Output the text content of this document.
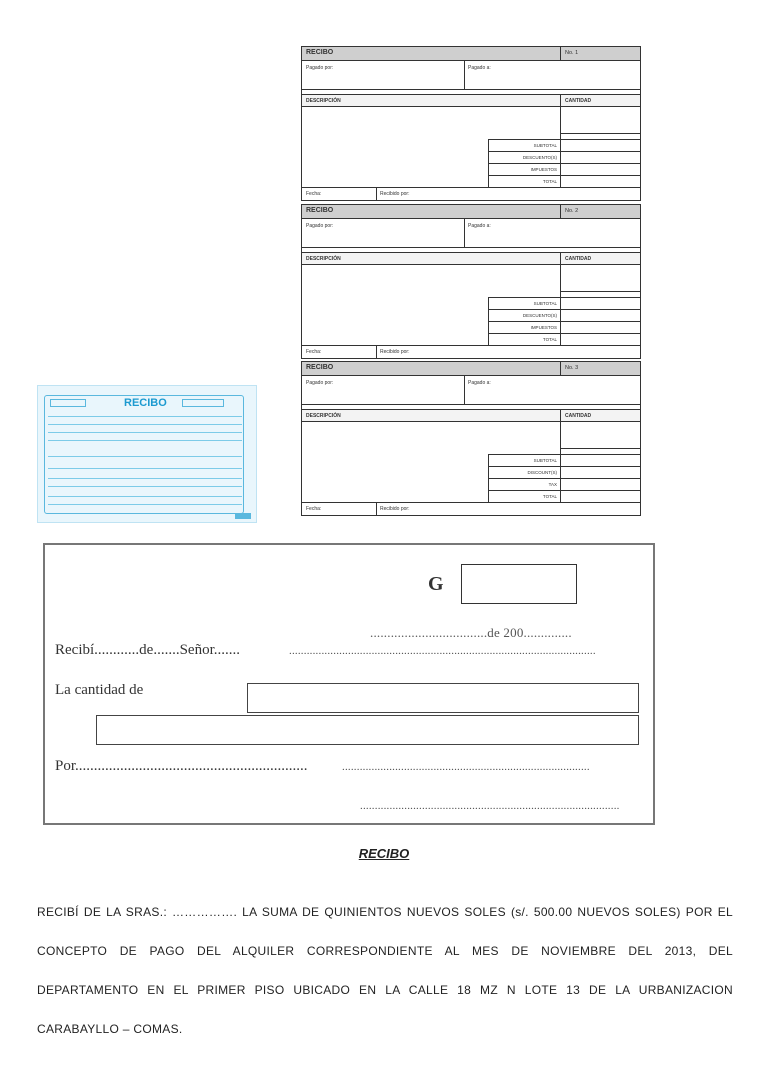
RECIBO	No. 1
Pagado por:	Pagado a:
DESCRIPCIÓN	CANTIDAD
SUBTOTAL
DESCUENTO(S)
IMPUESTOS
TOTAL
Fecha:	Recibido por:
RECIBO	No. 2
Pagado por:	Pagado a:
DESCRIPCIÓN	CANTIDAD
SUBTOTAL
DESCUENTO(S)
IMPUESTOS
TOTAL
Fecha:	Recibido por:
RECIBO	No. 3
Pagado por:	Pagado a:
DESCRIPCIÓN	CANTIDAD
SUBTOTAL
DISCOUNT(S)
TAX
TOTAL
Fecha:	Recibido por:
RECIBO
G
..................................de 200..............
Recibí............de.......Señor.......	........................................................................................................
La cantidad de
Por..............................................................	....................................................................................
........................................................................................
RECIBO
RECIBÍ DE LA SRAS.: ……………. LA SUMA DE QUINIENTOS NUEVOS SOLES (s/. 500.00 NUEVOS SOLES) POR EL
CONCEPTO DE PAGO DEL ALQUILER CORRESPONDIENTE AL MES DE NOVIEMBRE DEL 2013, DEL
DEPARTAMENTO EN EL PRIMER PISO UBICADO EN LA CALLE 18 MZ N LOTE 13 DE LA URBANIZACION
CARABAYLLO – COMAS.
